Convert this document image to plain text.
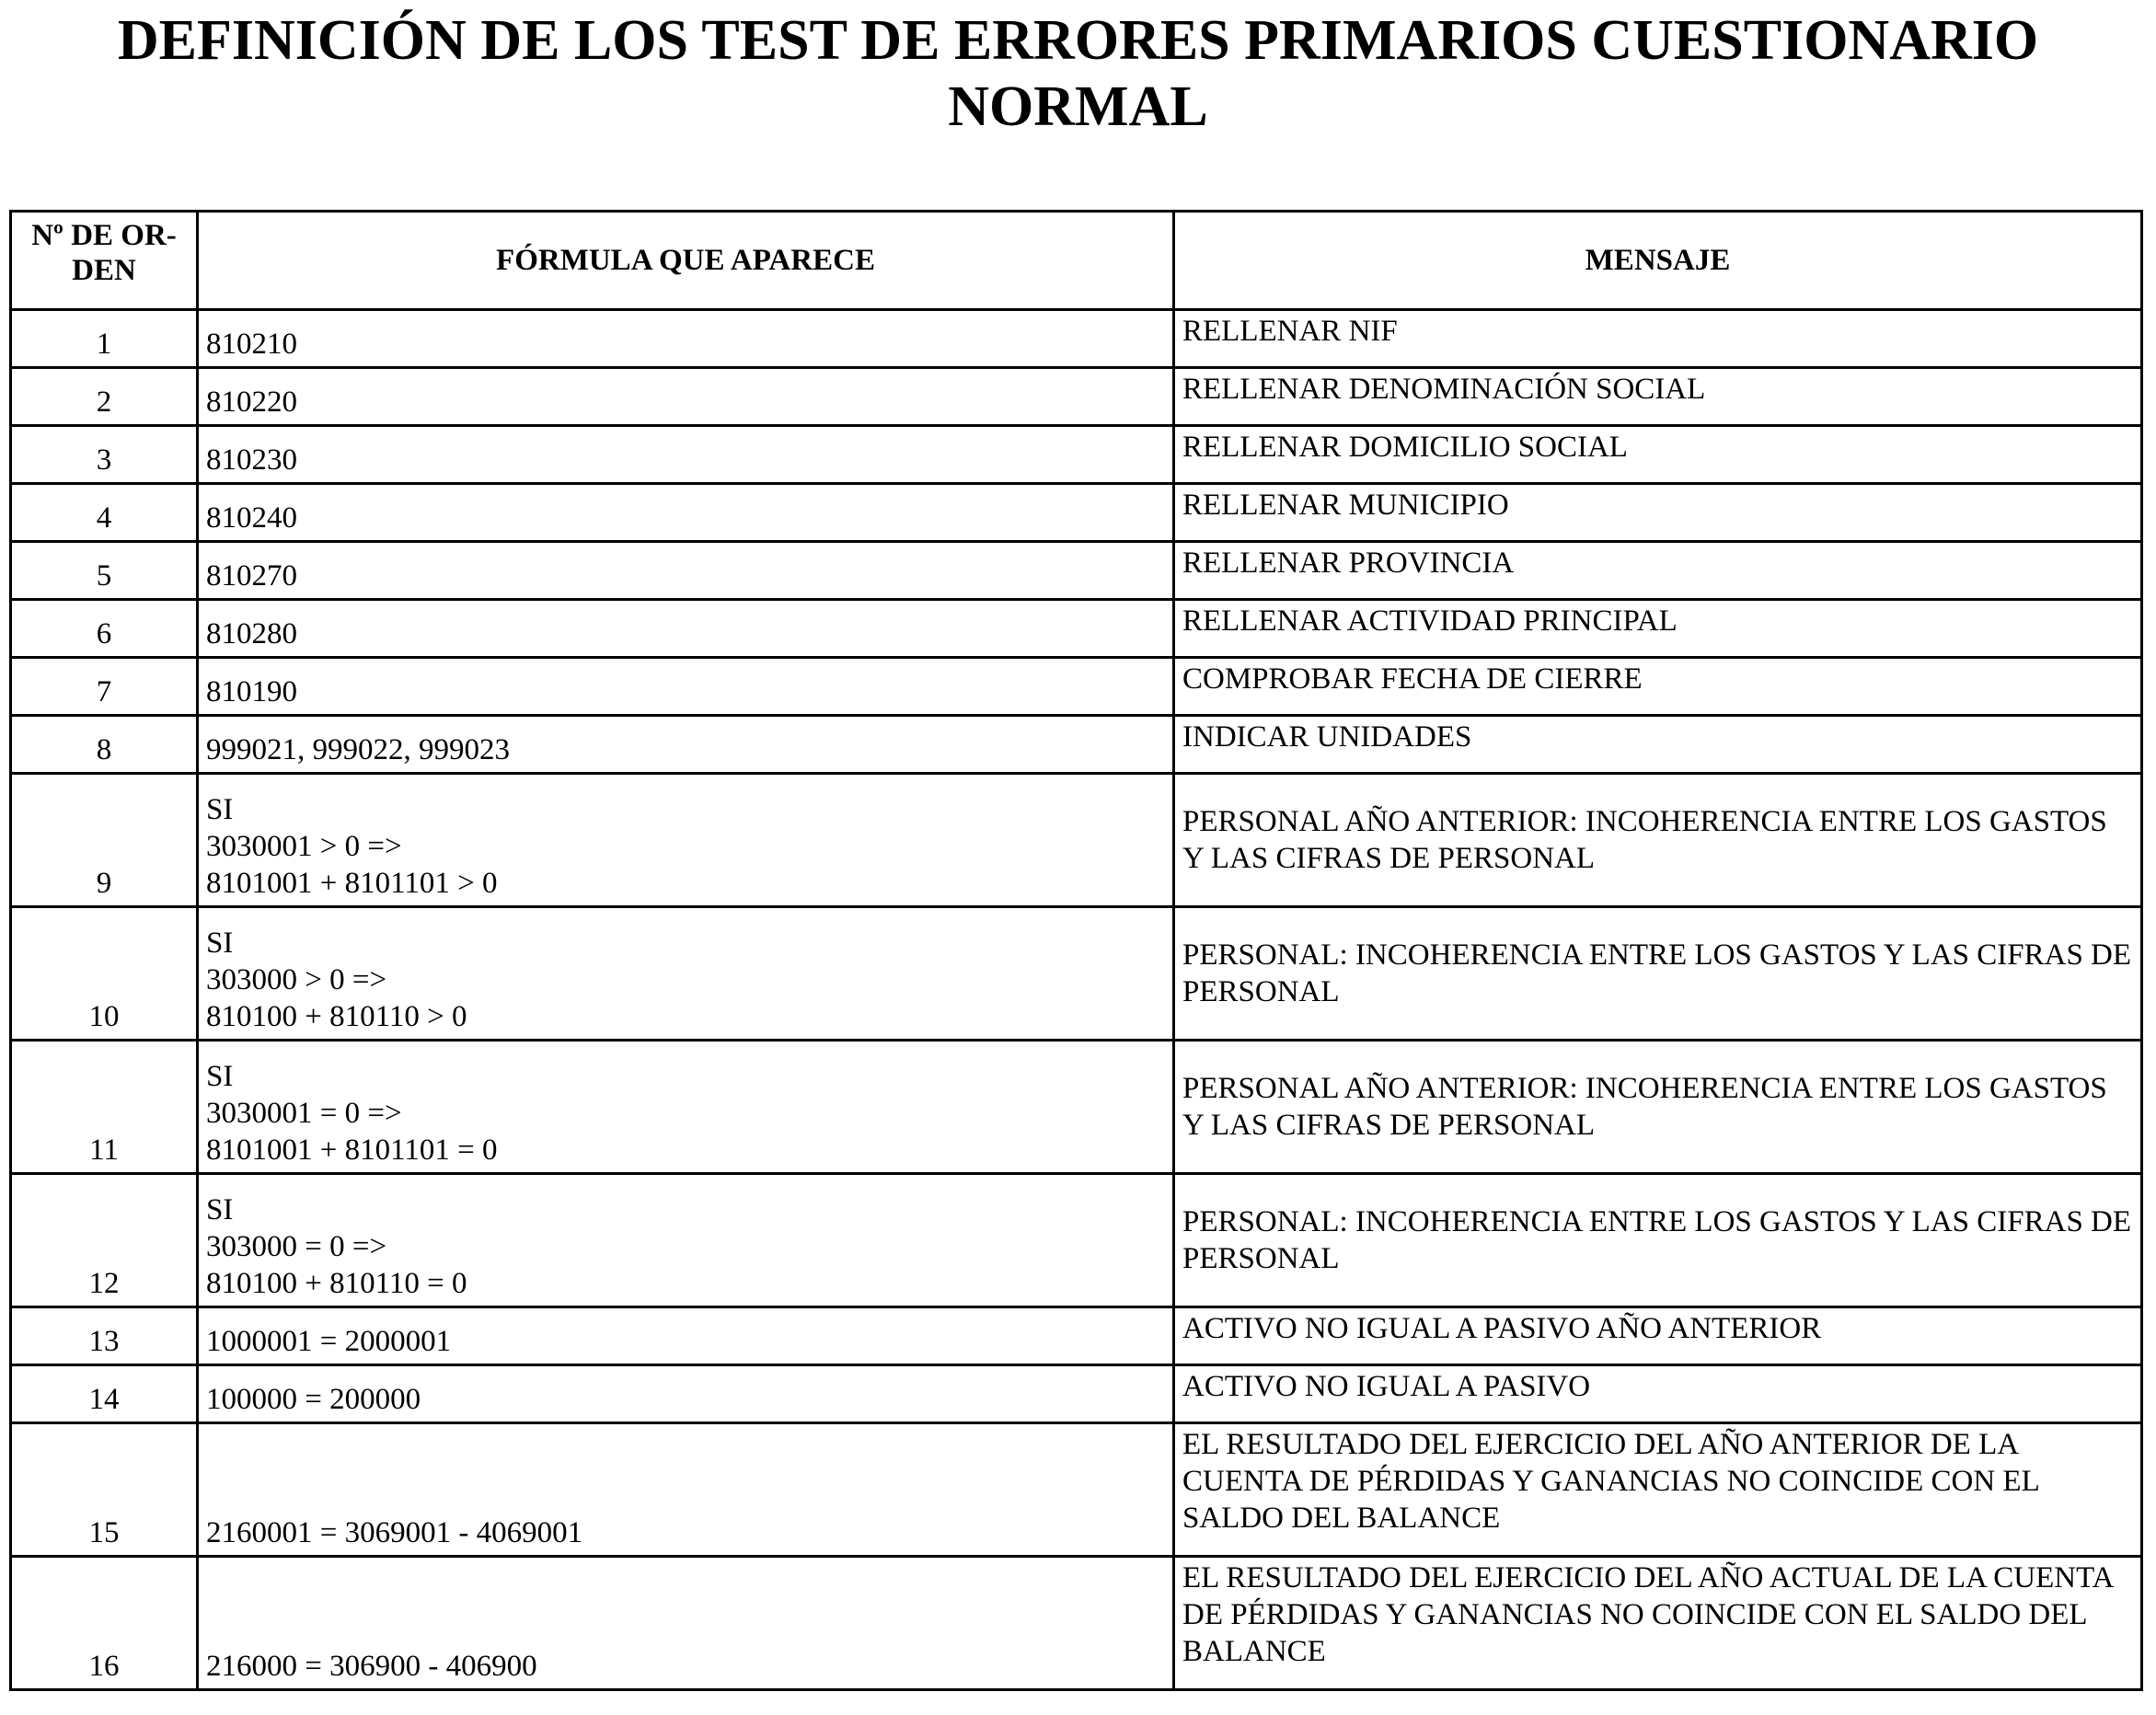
DEFINICIÓN DE LOS TEST DE ERRORES PRIMARIOS CUESTIONARIO
NORMAL
Nº DE OR-
DEN	FÓRMULA QUE APARECE	MENSAJE
1	810210	RELLENAR NIF
2	810220	RELLENAR DENOMINACIÓN SOCIAL
3	810230	RELLENAR DOMICILIO SOCIAL
4	810240	RELLENAR MUNICIPIO
5	810270	RELLENAR PROVINCIA
6	810280	RELLENAR ACTIVIDAD PRINCIPAL
7	810190	COMPROBAR FECHA DE CIERRE
8	999021, 999022, 999023	INDICAR UNIDADES
9	SI
3030001 > 0 =>
8101001 + 8101101 > 0	PERSONAL AÑO ANTERIOR: INCOHERENCIA ENTRE LOS GASTOS Y LAS CIFRAS DE PERSONAL
10	SI
303000 > 0 =>
810100 + 810110 > 0	PERSONAL: INCOHERENCIA ENTRE LOS GASTOS Y LAS CIFRAS DE PERSONAL
11	SI
3030001 = 0 =>
8101001 + 8101101 = 0	PERSONAL AÑO ANTERIOR: INCOHERENCIA ENTRE LOS GASTOS Y LAS CIFRAS DE PERSONAL
12	SI
303000 = 0 =>
810100 + 810110 = 0	PERSONAL: INCOHERENCIA ENTRE LOS GASTOS Y LAS CIFRAS DE PERSONAL
13	1000001 = 2000001	ACTIVO NO IGUAL A PASIVO AÑO ANTERIOR
14	100000 = 200000	ACTIVO NO IGUAL A PASIVO
15	2160001 = 3069001 - 4069001	EL RESULTADO DEL EJERCICIO DEL AÑO ANTERIOR DE LA CUENTA DE PÉRDIDAS Y GANANCIAS NO COINCIDE CON EL SALDO DEL BALANCE
16	216000 = 306900 - 406900	EL RESULTADO DEL EJERCICIO DEL AÑO ACTUAL DE LA CUENTA DE PÉRDIDAS Y GANANCIAS NO COINCIDE CON EL SALDO DEL BALANCE
